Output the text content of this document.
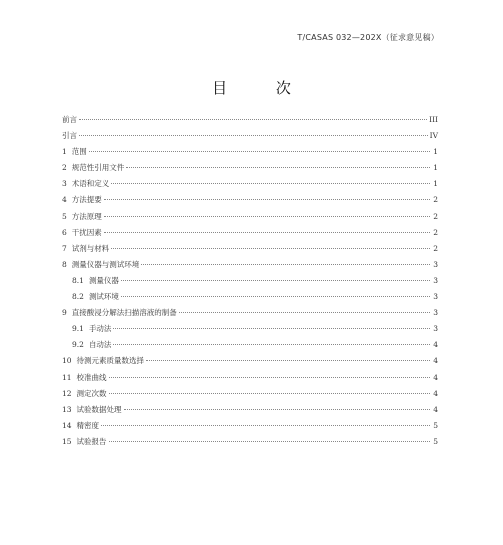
T/CASAS 032—202X（征求意见稿）
目 次
前言	III
引言	IV
1 范围	1
2 规范性引用文件	1
3 术语和定义	1
4 方法提要	2
5 方法原理	2
6 干扰因素	2
7 试剂与材料	2
8 测量仪器与测试环境	3
8.1 测量仪器	3
8.2 测试环境	3
9 直接酸浸分解法扫描溶液的制备	3
9.1 手动法	3
9.2 自动法	4
10 待测元素质量数选择	4
11 校准曲线	4
12 测定次数	4
13 试验数据处理	4
14 精密度	5
15 试验报告	5
